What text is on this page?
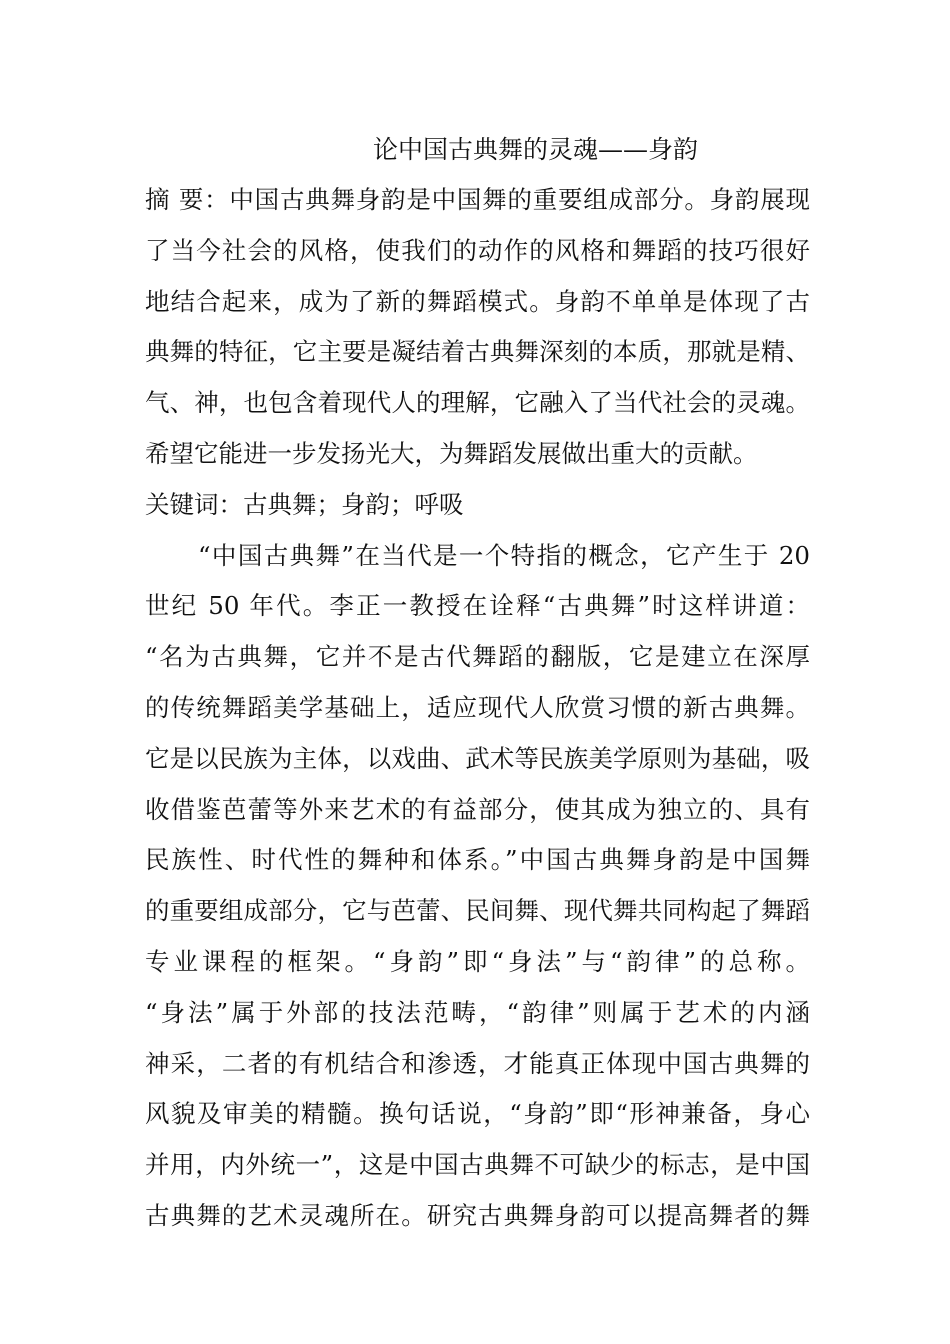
论中国古典舞的灵魂——身韵
摘 要：中国古典舞身韵是中国舞的重要组成部分。身韵展现
了当今社会的风格，使我们的动作的风格和舞蹈的技巧很好
地结合起来，成为了新的舞蹈模式。身韵不单单是体现了古
典舞的特征，它主要是凝结着古典舞深刻的本质，那就是精、
气、神，也包含着现代人的理解，它融入了当代社会的灵魂。
希望它能进一步发扬光大，为舞蹈发展做出重大的贡献。
关键词：古典舞；身韵；呼吸
“中国古典舞”在当代是一个特指的概念，它产生于 20
世纪 50 年代。李正一教授在诠释“古典舞”时这样讲道：
“名为古典舞，它并不是古代舞蹈的翻版，它是建立在深厚
的传统舞蹈美学基础上，适应现代人欣赏习惯的新古典舞。
它是以民族为主体，以戏曲、武术等民族美学原则为基础，吸
收借鉴芭蕾等外来艺术的有益部分，使其成为独立的、具有
民族性、时代性的舞种和体系。”中国古典舞身韵是中国舞
的重要组成部分，它与芭蕾、民间舞、现代舞共同构起了舞蹈
专业课程的框架。“身韵”即“身法”与“韵律”的总称。
“身法”属于外部的技法范畴，“韵律”则属于艺术的内涵
神采，二者的有机结合和渗透，才能真正体现中国古典舞的
风貌及审美的精髓。换句话说，“身韵”即“形神兼备，身心
并用，内外统一”，这是中国古典舞不可缺少的标志，是中国
古典舞的艺术灵魂所在。研究古典舞身韵可以提高舞者的舞
